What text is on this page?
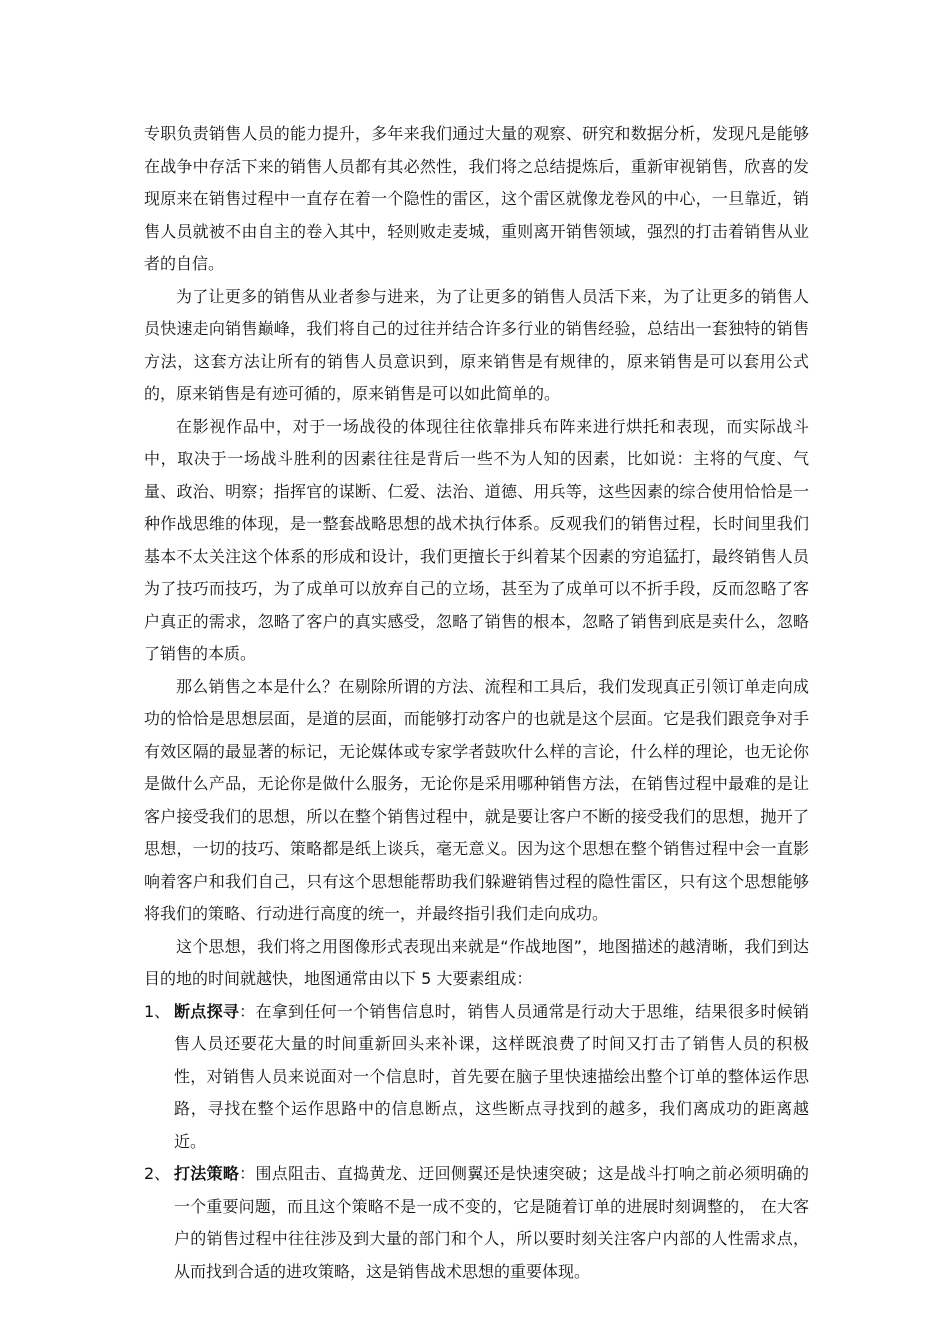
专职负责销售人员的能力提升，多年来我们通过大量的观察、研究和数据分析，发现凡是能够在战争中存活下来的销售人员都有其必然性，我们将之总结提炼后，重新审视销售，欣喜的发现原来在销售过程中一直存在着一个隐性的雷区，这个雷区就像龙卷风的中心，一旦靠近，销售人员就被不由自主的卷入其中，轻则败走麦城，重则离开销售领域，强烈的打击着销售从业者的自信。

为了让更多的销售从业者参与进来，为了让更多的销售人员活下来，为了让更多的销售人员快速走向销售巅峰，我们将自己的过往并结合许多行业的销售经验，总结出一套独特的销售方法，这套方法让所有的销售人员意识到，原来销售是有规律的，原来销售是可以套用公式的，原来销售是有迹可循的，原来销售是可以如此简单的。

在影视作品中，对于一场战役的体现往往依靠排兵布阵来进行烘托和表现，而实际战斗中，取决于一场战斗胜利的因素往往是背后一些不为人知的因素，比如说：主将的气度、气量、政治、明察；指挥官的谋断、仁爱、法治、道德、用兵等，这些因素的综合使用恰恰是一种作战思维的体现，是一整套战略思想的战术执行体系。反观我们的销售过程，长时间里我们基本不太关注这个体系的形成和设计，我们更擅长于纠着某个因素的穷追猛打，最终销售人员为了技巧而技巧，为了成单可以放弃自己的立场，甚至为了成单可以不折手段，反而忽略了客户真正的需求，忽略了客户的真实感受，忽略了销售的根本，忽略了销售到底是卖什么，忽略了销售的本质。

那么销售之本是什么？在剔除所谓的方法、流程和工具后，我们发现真正引领订单走向成功的恰恰是思想层面，是道的层面，而能够打动客户的也就是这个层面。它是我们跟竞争对手有效区隔的最显著的标记，无论媒体或专家学者鼓吹什么样的言论，什么样的理论，也无论你是做什么产品，无论你是做什么服务，无论你是采用哪种销售方法，在销售过程中最难的是让客户接受我们的思想，所以在整个销售过程中，就是要让客户不断的接受我们的思想，抛开了思想，一切的技巧、策略都是纸上谈兵，毫无意义。因为这个思想在整个销售过程中会一直影响着客户和我们自己，只有这个思想能帮助我们躲避销售过程的隐性雷区，只有这个思想能够将我们的策略、行动进行高度的统一，并最终指引我们走向成功。

这个思想，我们将之用图像形式表现出来就是“作战地图”，地图描述的越清晰，我们到达目的地的时间就越快，地图通常由以下 5 大要素组成：

1、 断点探寻：在拿到任何一个销售信息时，销售人员通常是行动大于思维，结果很多时候销售人员还要花大量的时间重新回头来补课，这样既浪费了时间又打击了销售人员的积极性，对销售人员来说面对一个信息时，首先要在脑子里快速描绘出整个订单的整体运作思路，寻找在整个运作思路中的信息断点，这些断点寻找到的越多，我们离成功的距离越近。
2、 打法策略：围点阻击、直捣黄龙、迂回侧翼还是快速突破；这是战斗打响之前必须明确的一个重要问题，而且这个策略不是一成不变的，它是随着订单的进展时刻调整的， 在大客户的销售过程中往往涉及到大量的部门和个人，所以要时刻关注客户内部的人性需求点，从而找到合适的进攻策略，这是销售战术思想的重要体现。
